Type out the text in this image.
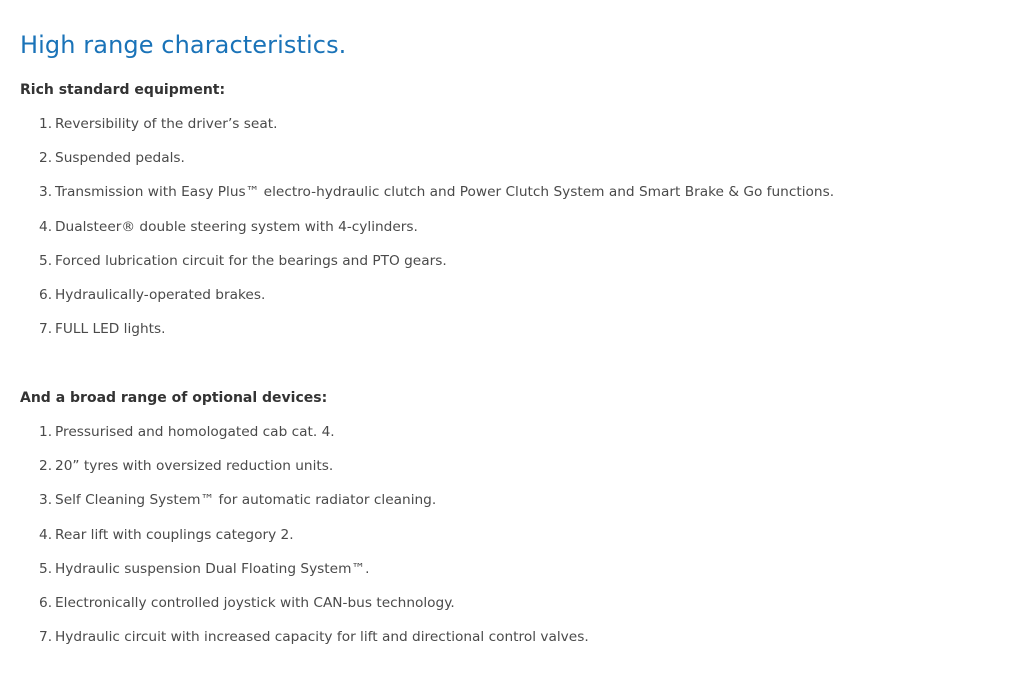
High range characteristics.
Rich standard equipment:
1. Reversibility of the driver’s seat.
2. Suspended pedals.
3. Transmission with Easy Plus™ electro-hydraulic clutch and Power Clutch System and Smart Brake & Go functions.
4. Dualsteer® double steering system with 4-cylinders.
5. Forced lubrication circuit for the bearings and PTO gears.
6. Hydraulically-operated brakes.
7. FULL LED lights.
And a broad range of optional devices:
1. Pressurised and homologated cab cat. 4.
2. 20” tyres with oversized reduction units.
3. Self Cleaning System™ for automatic radiator cleaning.
4. Rear lift with couplings category 2.
5. Hydraulic suspension Dual Floating System™.
6. Electronically controlled joystick with CAN-bus technology.
7. Hydraulic circuit with increased capacity for lift and directional control valves.
